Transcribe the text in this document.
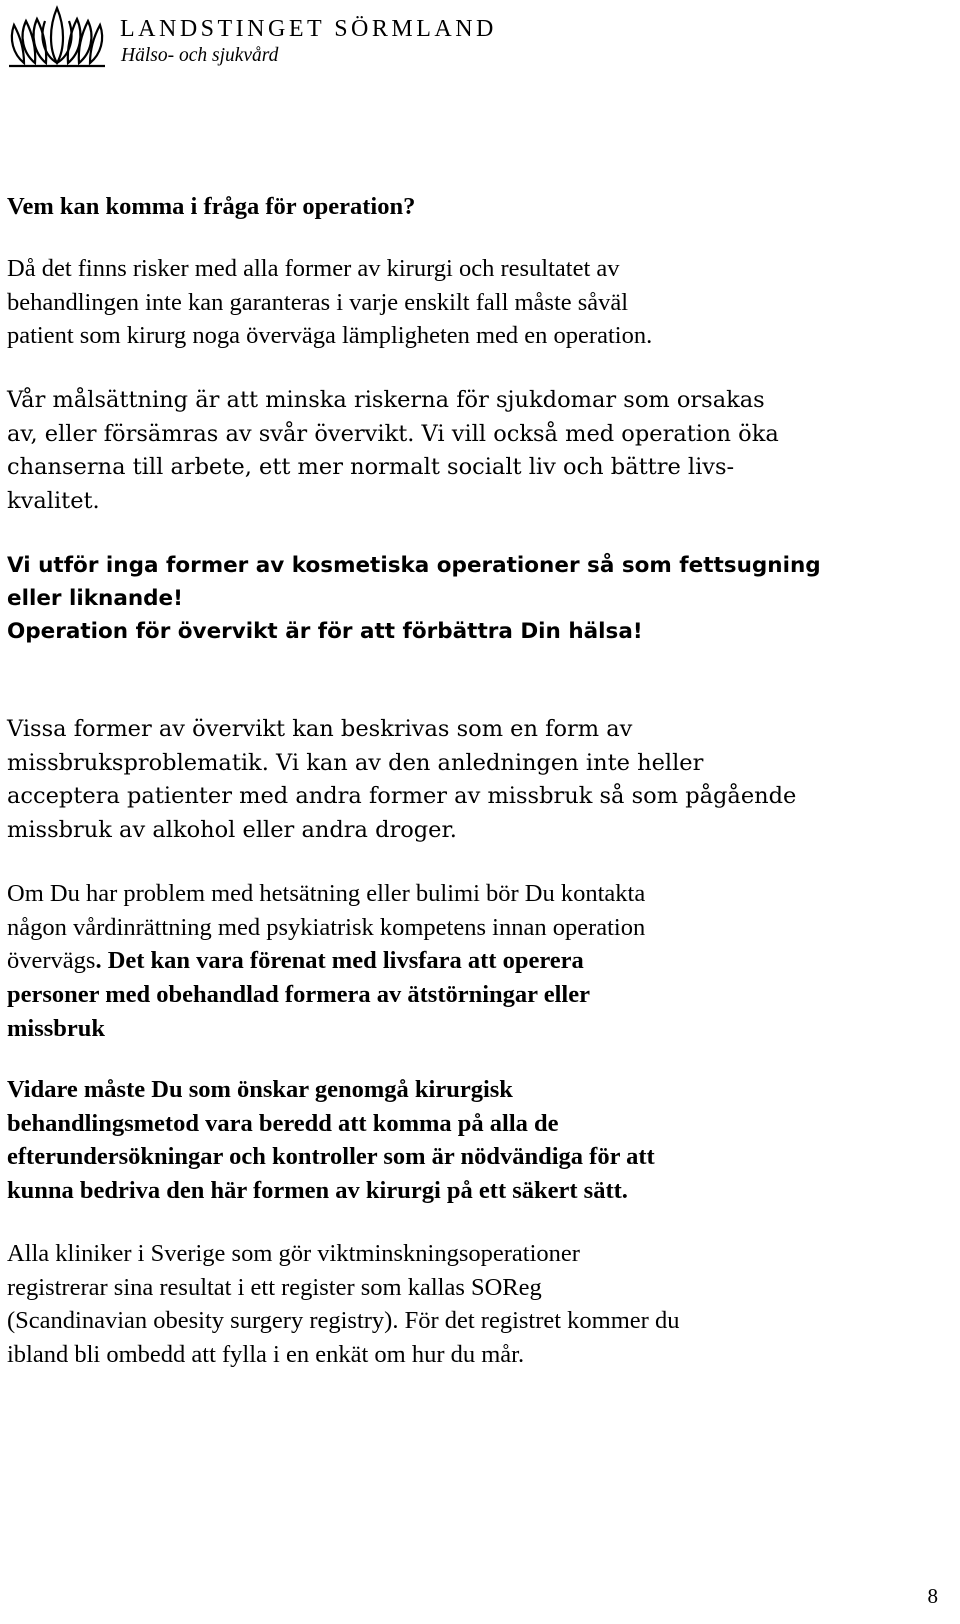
LANDSTINGET SÖRMLAND
Hälso- och sjukvård
Vem kan komma i fråga för operation?

Då det finns risker med alla former av kirurgi och resultatet av
behandlingen inte kan garanteras i varje enskilt fall måste såväl
patient som kirurg noga överväga lämpligheten med en operation.

Vår målsättning är att minska riskerna för sjukdomar som orsakas
av, eller försämras av svår övervikt. Vi vill också med operation öka
chanserna till arbete, ett mer normalt socialt liv och bättre livs-
kvalitet.

Vi utför inga former av kosmetiska operationer så som fettsugning
eller liknande!
Operation för övervikt är för att förbättra Din hälsa!

Vissa former av övervikt kan beskrivas som en form av
missbruksproblematik. Vi kan av den anledningen inte heller
acceptera patienter med andra former av missbruk så som pågående
missbruk av alkohol eller andra droger.

Om Du har problem med hetsätning eller bulimi bör Du kontakta
någon vårdinrättning med psykiatrisk kompetens innan operation
övervägs. Det kan vara förenat med livsfara att operera
personer med obehandlad formera av ätstörningar eller
missbruk

Vidare måste Du som önskar genomgå kirurgisk
behandlingsmetod vara beredd att komma på alla de
efterundersökningar och kontroller som är nödvändiga för att
kunna bedriva den här formen av kirurgi på ett säkert sätt.

Alla kliniker i Sverige som gör viktminskningsoperationer
registrerar sina resultat i ett register som kallas SOReg
(Scandinavian obesity surgery registry). För det registret kommer du
ibland bli ombedd att fylla i en enkät om hur du mår.

8
